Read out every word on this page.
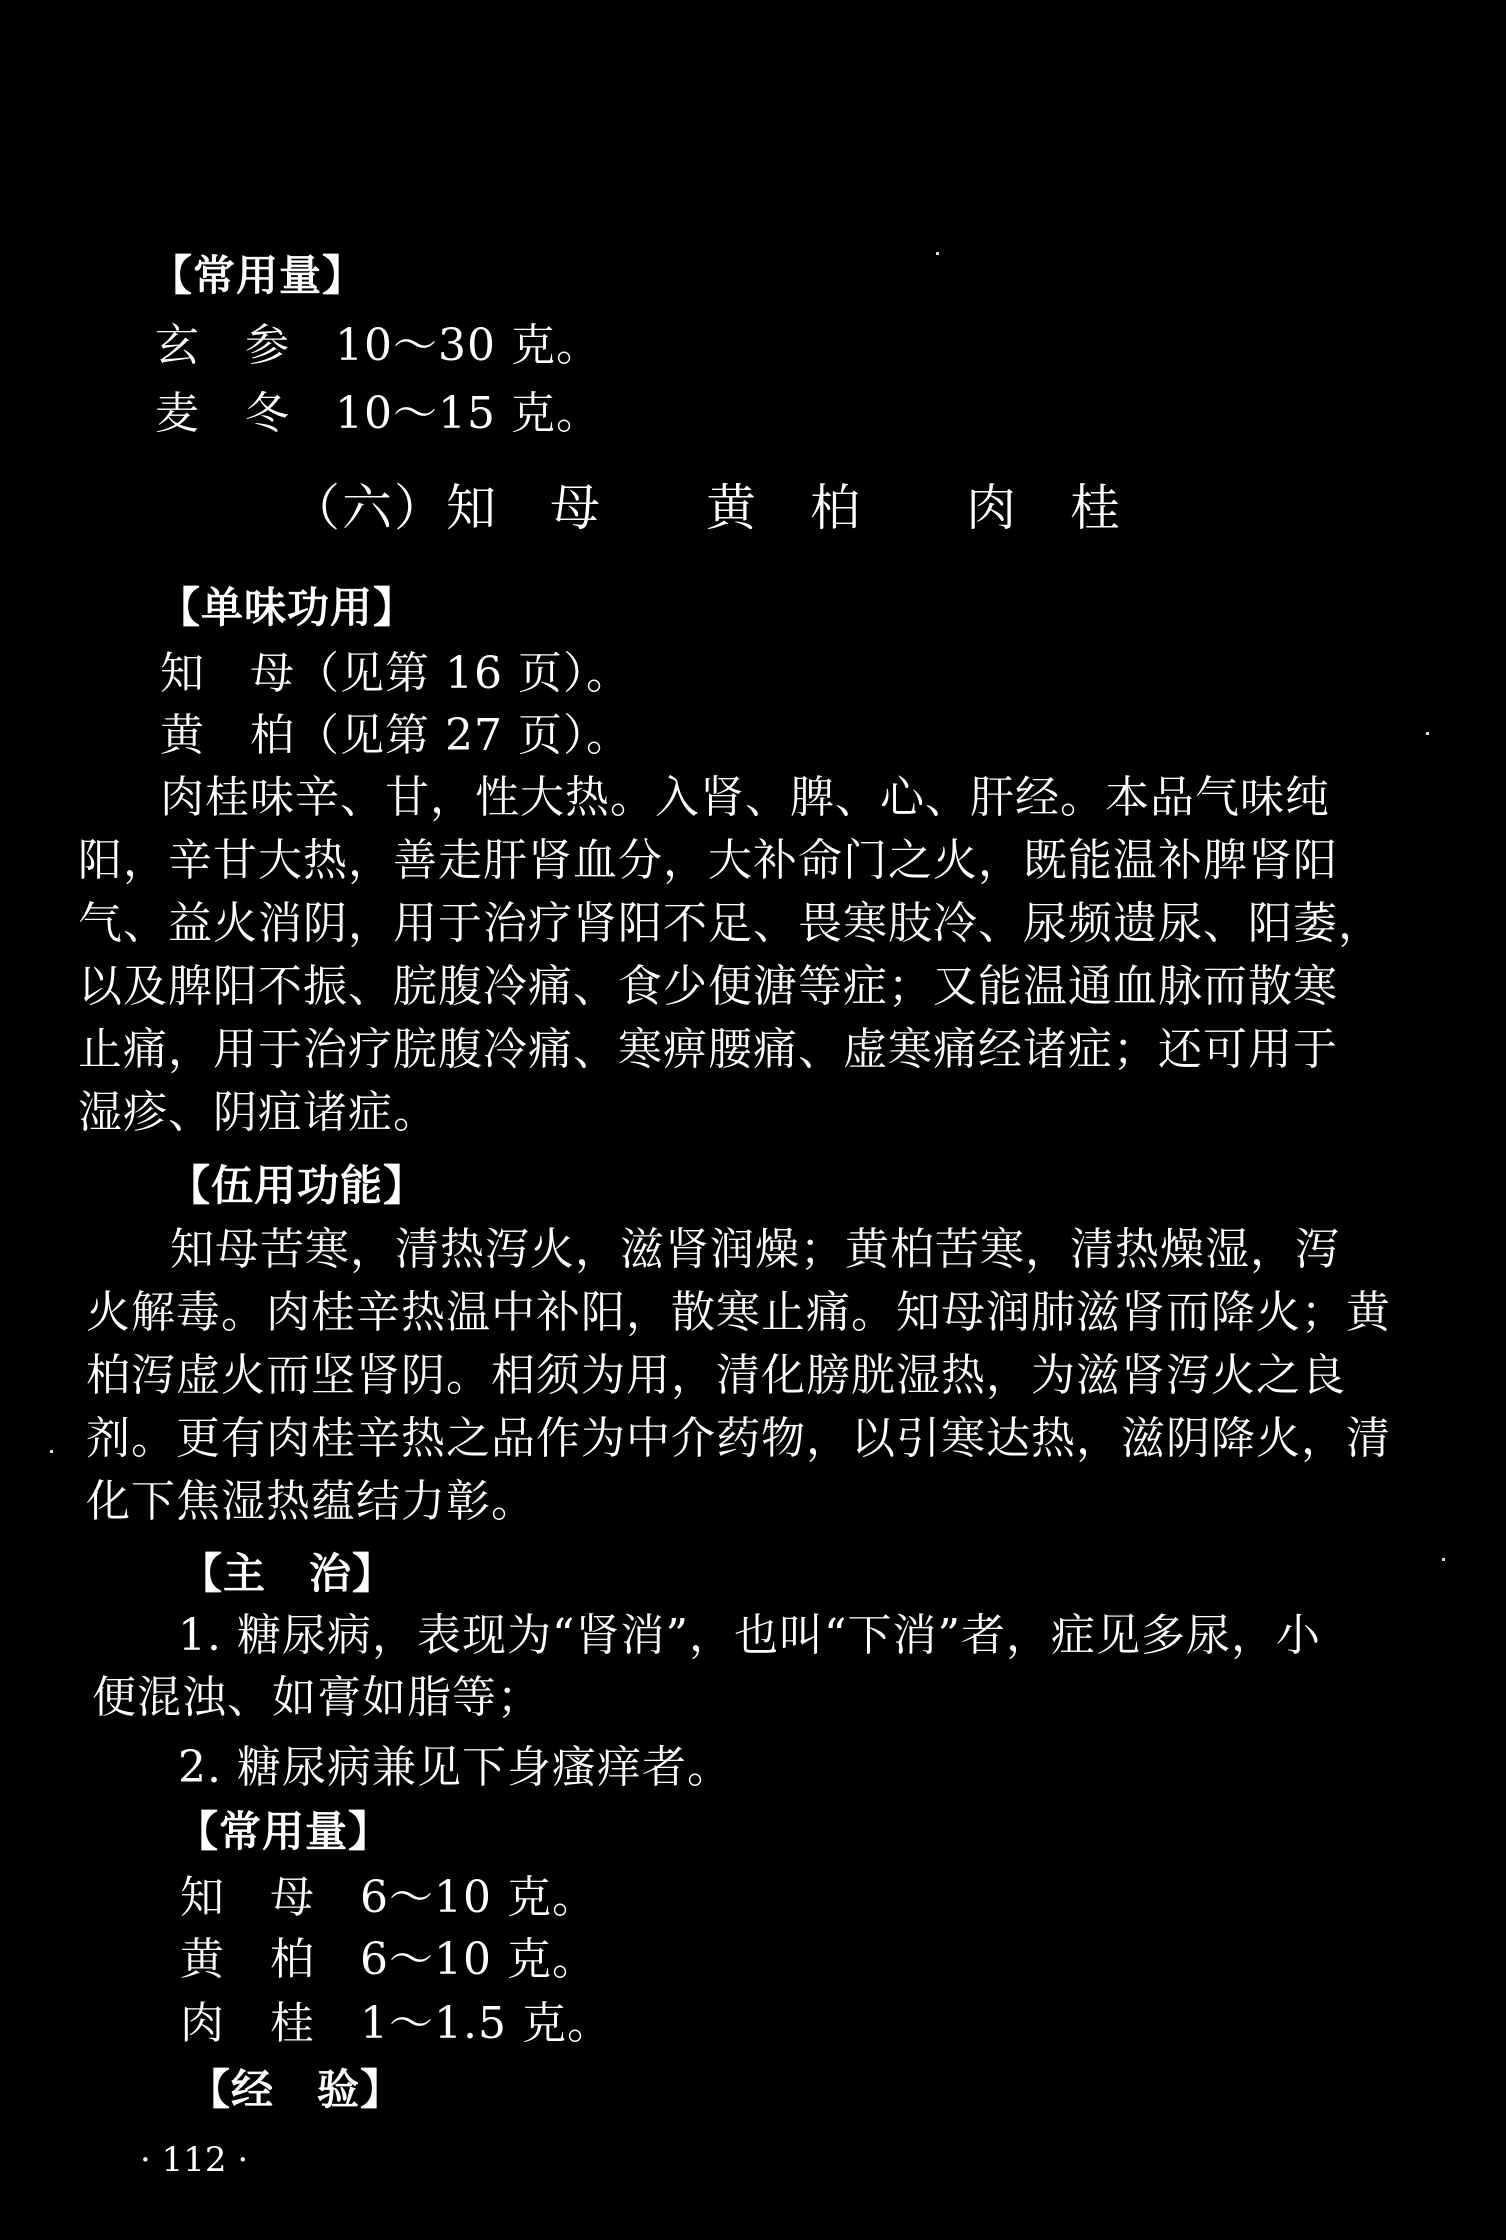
【常用量】
玄　参　10～30 克。
麦　冬　10～15 克。
（六）知　母　　黄　柏　　肉　桂
【单味功用】
知　母（见第 16 页）。
黄　柏（见第 27 页）。
肉桂味辛、甘，性大热。入肾、脾、心、肝经。本品气味纯
阳，辛甘大热，善走肝肾血分，大补命门之火，既能温补脾肾阳
气、益火消阴，用于治疗肾阳不足、畏寒肢冷、尿频遗尿、阳萎，
以及脾阳不振、脘腹冷痛、食少便溏等症；又能温通血脉而散寒
止痛，用于治疗脘腹冷痛、寒痹腰痛、虚寒痛经诸症；还可用于
湿疹、阴疽诸症。
【伍用功能】
知母苦寒，清热泻火，滋肾润燥；黄柏苦寒，清热燥湿，泻
火解毒。肉桂辛热温中补阳，散寒止痛。知母润肺滋肾而降火；黄
柏泻虚火而坚肾阴。相须为用，清化膀胱湿热，为滋肾泻火之良
剂。更有肉桂辛热之品作为中介药物，以引寒达热，滋阴降火，清
化下焦湿热蕴结力彰。
【主　治】
1. 糖尿病，表现为“肾消”，也叫“下消”者，症见多尿，小
便混浊、如膏如脂等；
2. 糖尿病兼见下身瘙痒者。
【常用量】
知　母　6～10 克。
黄　柏　6～10 克。
肉　桂　1～1.5 克。
【经　验】
· 112 ·
